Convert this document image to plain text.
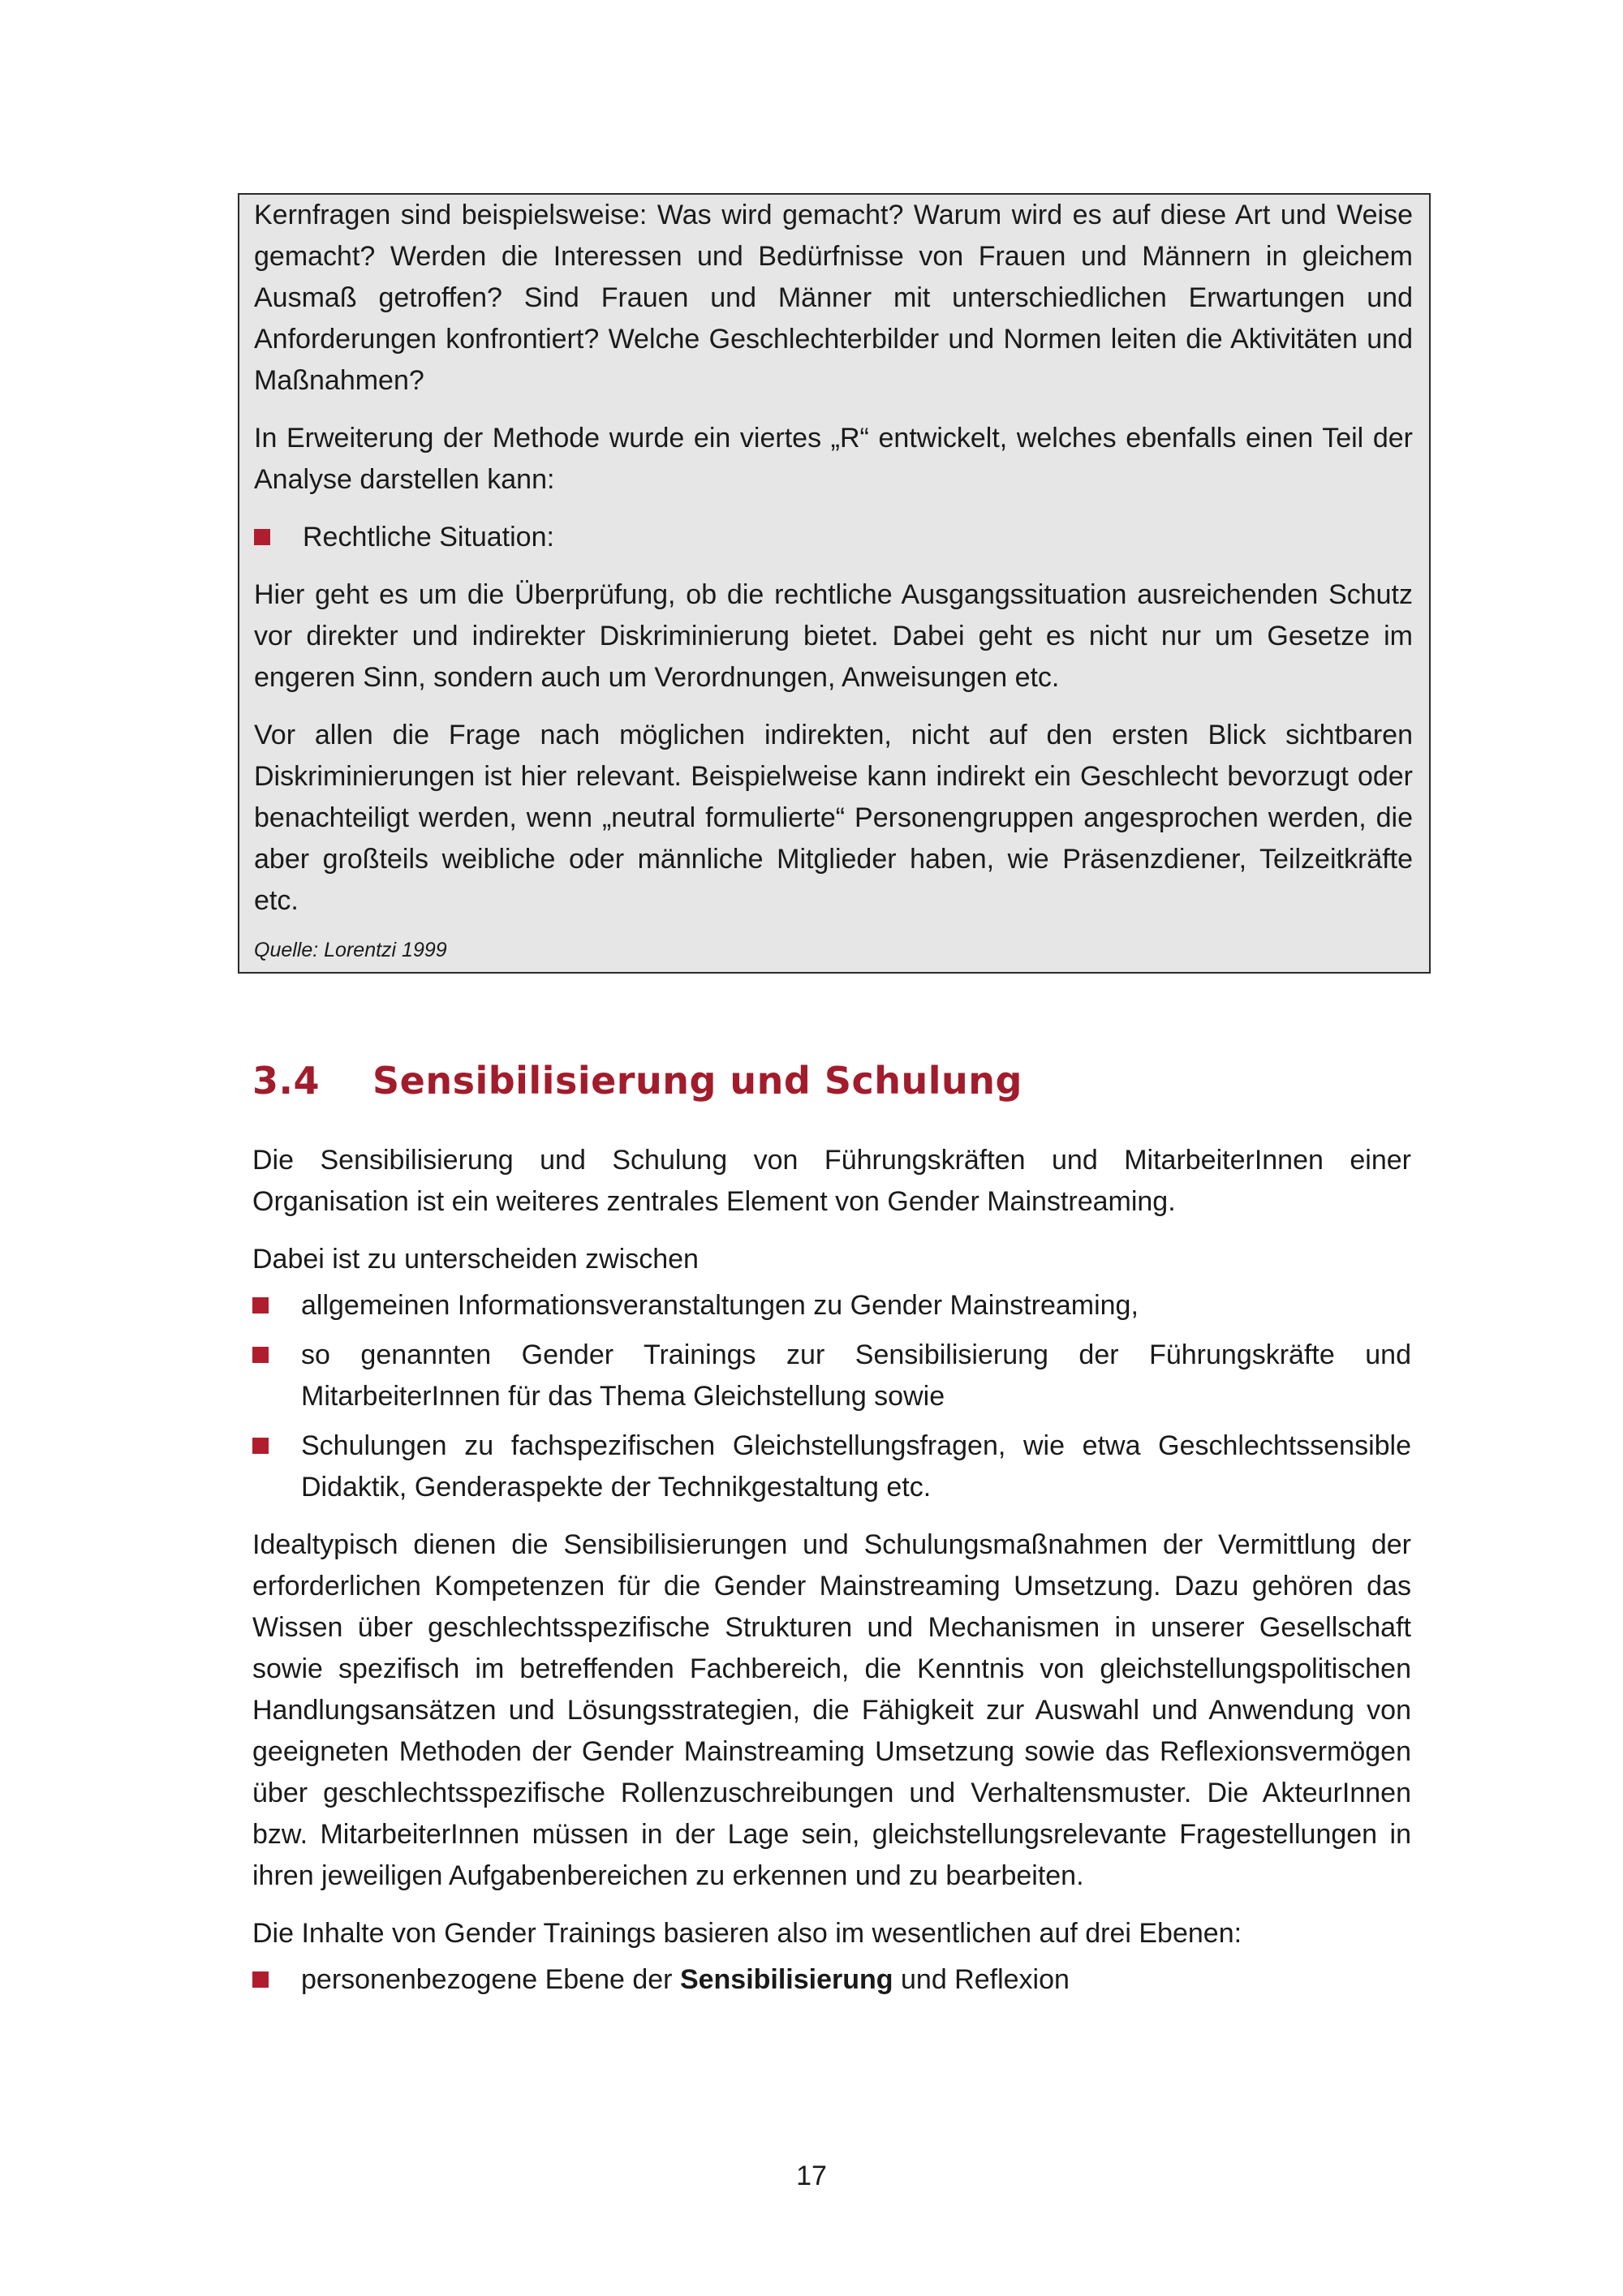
Kernfragen sind beispielsweise: Was wird gemacht? Warum wird es auf diese Art und Weise gemacht? Werden die Interessen und Bedürfnisse von Frauen und Männern in gleichem Ausmaß getroffen? Sind Frauen und Männer mit unterschiedlichen Erwartungen und Anforderungen konfrontiert? Welche Geschlechterbilder und Normen leiten die Aktivitäten und Maßnahmen?

In Erweiterung der Methode wurde ein viertes „R“ entwickelt, welches ebenfalls einen Teil der Analyse darstellen kann:

Rechtliche Situation:

Hier geht es um die Überprüfung, ob die rechtliche Ausgangssituation ausreichenden Schutz vor direkter und indirekter Diskriminierung bietet. Dabei geht es nicht nur um Gesetze im engeren Sinn, sondern auch um Verordnungen, Anweisungen etc.

Vor allen die Frage nach möglichen indirekten, nicht auf den ersten Blick sichtbaren Diskriminierungen ist hier relevant. Beispielweise kann indirekt ein Geschlecht bevorzugt oder benachteiligt werden, wenn „neutral formulierte“ Personengruppen angesprochen werden, die aber großteils weibliche oder männliche Mitglieder haben, wie Präsenzdiener, Teilzeitkräfte etc.

Quelle: Lorentzi 1999
3.4	Sensibilisierung und Schulung

Die Sensibilisierung und Schulung von Führungskräften und MitarbeiterInnen einer Organisation ist ein weiteres zentrales Element von Gender Mainstreaming.

Dabei ist zu unterscheiden zwischen

allgemeinen Informationsveranstaltungen zu Gender Mainstreaming,
so genannten Gender Trainings zur Sensibilisierung der Führungskräfte und MitarbeiterInnen für das Thema Gleichstellung sowie
Schulungen zu fachspezifischen Gleichstellungsfragen, wie etwa Geschlechtssensible Didaktik, Genderaspekte der Technikgestaltung etc.

Idealtypisch dienen die Sensibilisierungen und Schulungsmaßnahmen der Vermittlung der erforderlichen Kompetenzen für die Gender Mainstreaming Umsetzung. Dazu gehören das Wissen über geschlechtsspezifische Strukturen und Mechanismen in unserer Gesellschaft sowie spezifisch im betreffenden Fachbereich, die Kenntnis von gleichstellungspolitischen Handlungsansätzen und Lösungsstrategien, die Fähigkeit zur Auswahl und Anwendung von geeigneten Methoden der Gender Mainstreaming Umsetzung sowie das Reflexionsvermögen über geschlechtsspezifische Rollenzuschreibungen und Verhaltensmuster. Die AkteurInnen bzw. MitarbeiterInnen müssen in der Lage sein, gleichstellungsrelevante Fragestellungen in ihren jeweiligen Aufgabenbereichen zu erkennen und zu bearbeiten.

Die Inhalte von Gender Trainings basieren also im wesentlichen auf drei Ebenen:

personenbezogene Ebene der Sensibilisierung und Reflexion
17
